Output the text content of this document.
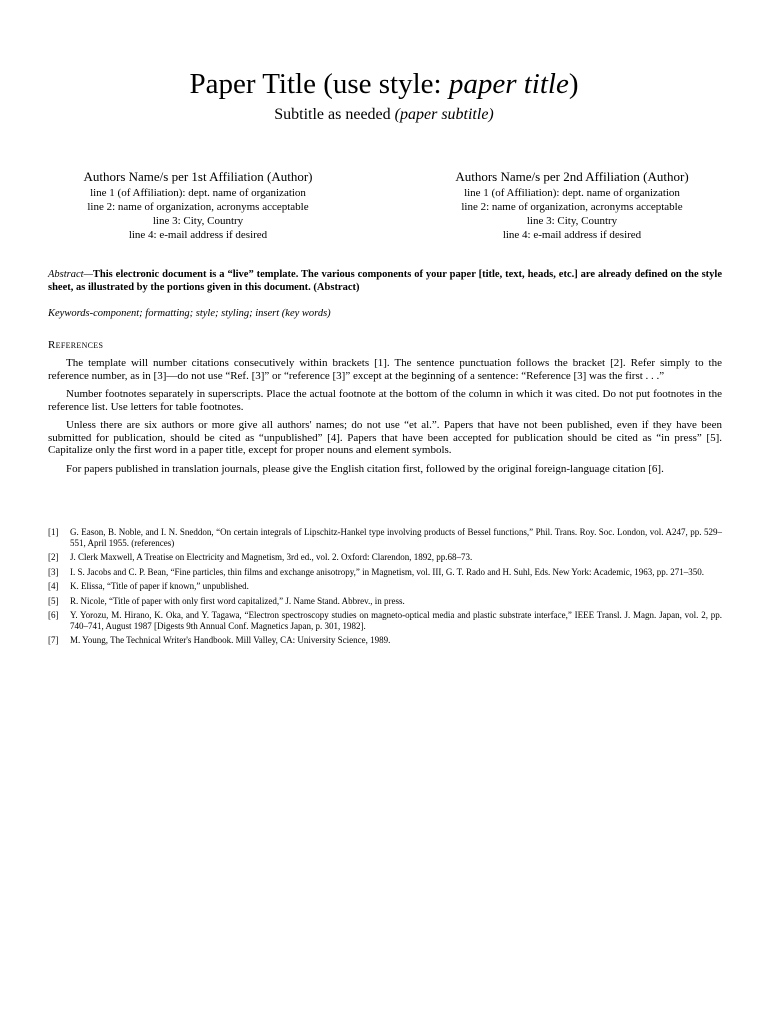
Paper Title (use style: paper title)
Subtitle as needed (paper subtitle)
Authors Name/s per 1st Affiliation (Author)
line 1 (of Affiliation): dept. name of organization
line 2: name of organization, acronyms acceptable
line 3: City, Country
line 4: e-mail address if desired
Authors Name/s per 2nd Affiliation (Author)
line 1 (of Affiliation): dept. name of organization
line 2: name of organization, acronyms acceptable
line 3: City, Country
line 4: e-mail address if desired
Abstract—This electronic document is a “live” template. The various components of your paper [title, text, heads, etc.] are already defined on the style sheet, as illustrated by the portions given in this document. (Abstract)
Keywords-component; formatting; style; styling; insert (key words)
References

The template will number citations consecutively within brackets [1]. The sentence punctuation follows the bracket [2]. Refer simply to the reference number, as in [3]—do not use “Ref. [3]” or “reference [3]” except at the beginning of a sentence: “Reference [3] was the first . . .”

Number footnotes separately in superscripts. Place the actual footnote at the bottom of the column in which it was cited. Do not put footnotes in the reference list. Use letters for table footnotes.

Unless there are six authors or more give all authors' names; do not use “et al.”. Papers that have not been published, even if they have been submitted for publication, should be cited as “unpublished” [4]. Papers that have been accepted for publication should be cited as “in press” [5]. Capitalize only the first word in a paper title, except for proper nouns and element symbols.

For papers published in translation journals, please give the English citation first, followed by the original foreign-language citation [6].

[1]	G. Eason, B. Noble, and I. N. Sneddon, “On certain integrals of Lipschitz-Hankel type involving products of Bessel functions,” Phil. Trans. Roy. Soc. London, vol. A247, pp. 529–551, April 1955. (references)
[2]	J. Clerk Maxwell, A Treatise on Electricity and Magnetism, 3rd ed., vol. 2. Oxford: Clarendon, 1892, pp.68–73.
[3]	I. S. Jacobs and C. P. Bean, “Fine particles, thin films and exchange anisotropy,” in Magnetism, vol. III, G. T. Rado and H. Suhl, Eds. New York: Academic, 1963, pp. 271–350.
[4]	K. Elissa, “Title of paper if known,” unpublished.
[5]	R. Nicole, “Title of paper with only first word capitalized,” J. Name Stand. Abbrev., in press.
[6]	Y. Yorozu, M. Hirano, K. Oka, and Y. Tagawa, “Electron spectroscopy studies on magneto-optical media and plastic substrate interface,” IEEE Transl. J. Magn. Japan, vol. 2, pp. 740–741, August 1987 [Digests 9th Annual Conf. Magnetics Japan, p. 301, 1982].
[7]	M. Young, The Technical Writer's Handbook. Mill Valley, CA: University Science, 1989.
